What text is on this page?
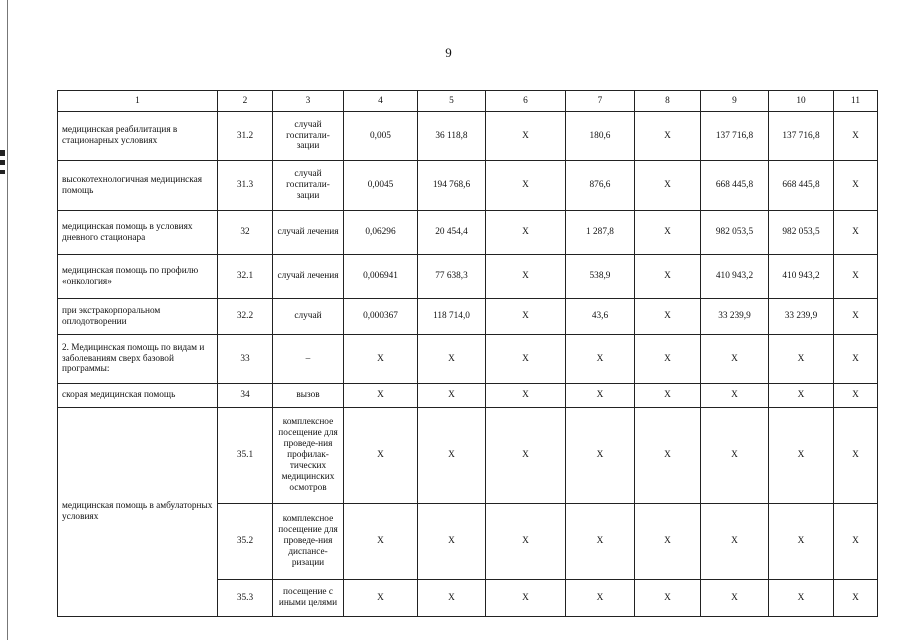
9
1	2	3	4	5	6	7	8	9	10	11
медицинская реабилитация в стационарных условиях	31.2	случай госпитали-зации	0,005	36 118,8	X	180,6	X	137 716,8	137 716,8	X
высокотехнологичная медицинская помощь	31.3	случай госпитали-зации	0,0045	194 768,6	X	876,6	X	668 445,8	668 445,8	X
медицинская помощь в условиях дневного стационара	32	случай лечения	0,06296	20 454,4	X	1 287,8	X	982 053,5	982 053,5	X
медицинская помощь по профилю «онкология»	32.1	случай лечения	0,006941	77 638,3	X	538,9	X	410 943,2	410 943,2	X
при экстракорпоральном оплодотворении	32.2	случай	0,000367	118 714,0	X	43,6	X	33 239,9	33 239,9	X
2. Медицинская помощь по видам и заболеваниям сверх базовой программы:	33	–	X	X	X	X	X	X	X	X
скорая медицинская помощь	34	вызов	X	X	X	X	X	X	X	X
медицинская помощь в амбулаторных условиях	35.1	комплексное посещение для проведе-ния профилак-тических медицинских осмотров	X	X	X	X	X	X	X	X
	35.2	комплексное посещение для проведе-ния диспансе-ризации	X	X	X	X	X	X	X	X
	35.3	посещение с иными целями	X	X	X	X	X	X	X	X
